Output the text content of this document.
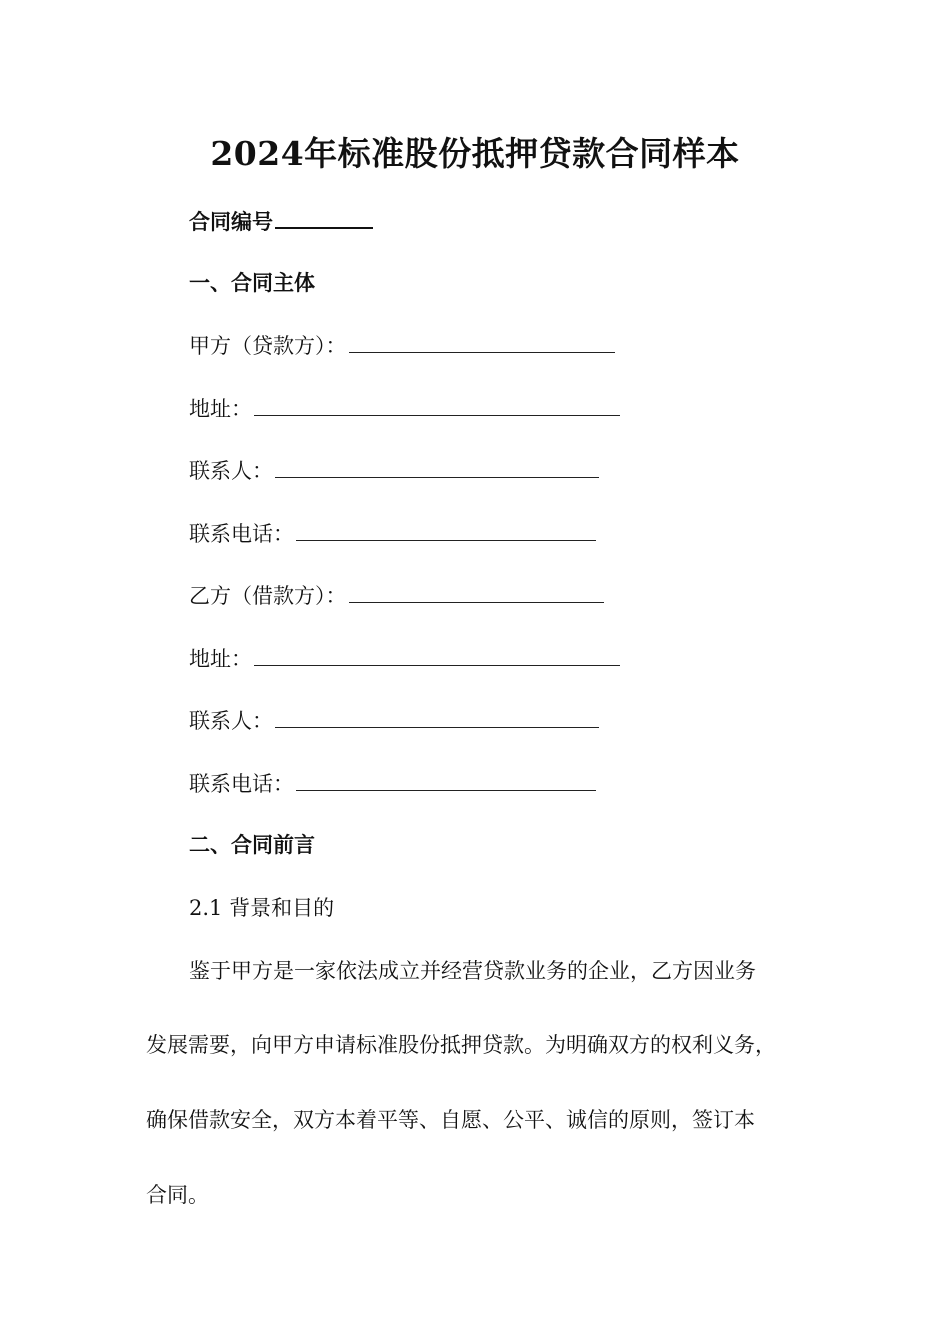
2024年标准股份抵押贷款合同样本
合同编号
一、合同主体
甲方（贷款方）：
地址：
联系人：
联系电话：
乙方（借款方）：
地址：
联系人：
联系电话：
二、合同前言
2.1 背景和目的
鉴于甲方是一家依法成立并经营贷款业务的企业，乙方因业务
发展需要，向甲方申请标准股份抵押贷款。为明确双方的权利义务，
确保借款安全，双方本着平等、自愿、公平、诚信的原则，签订本
合同。
